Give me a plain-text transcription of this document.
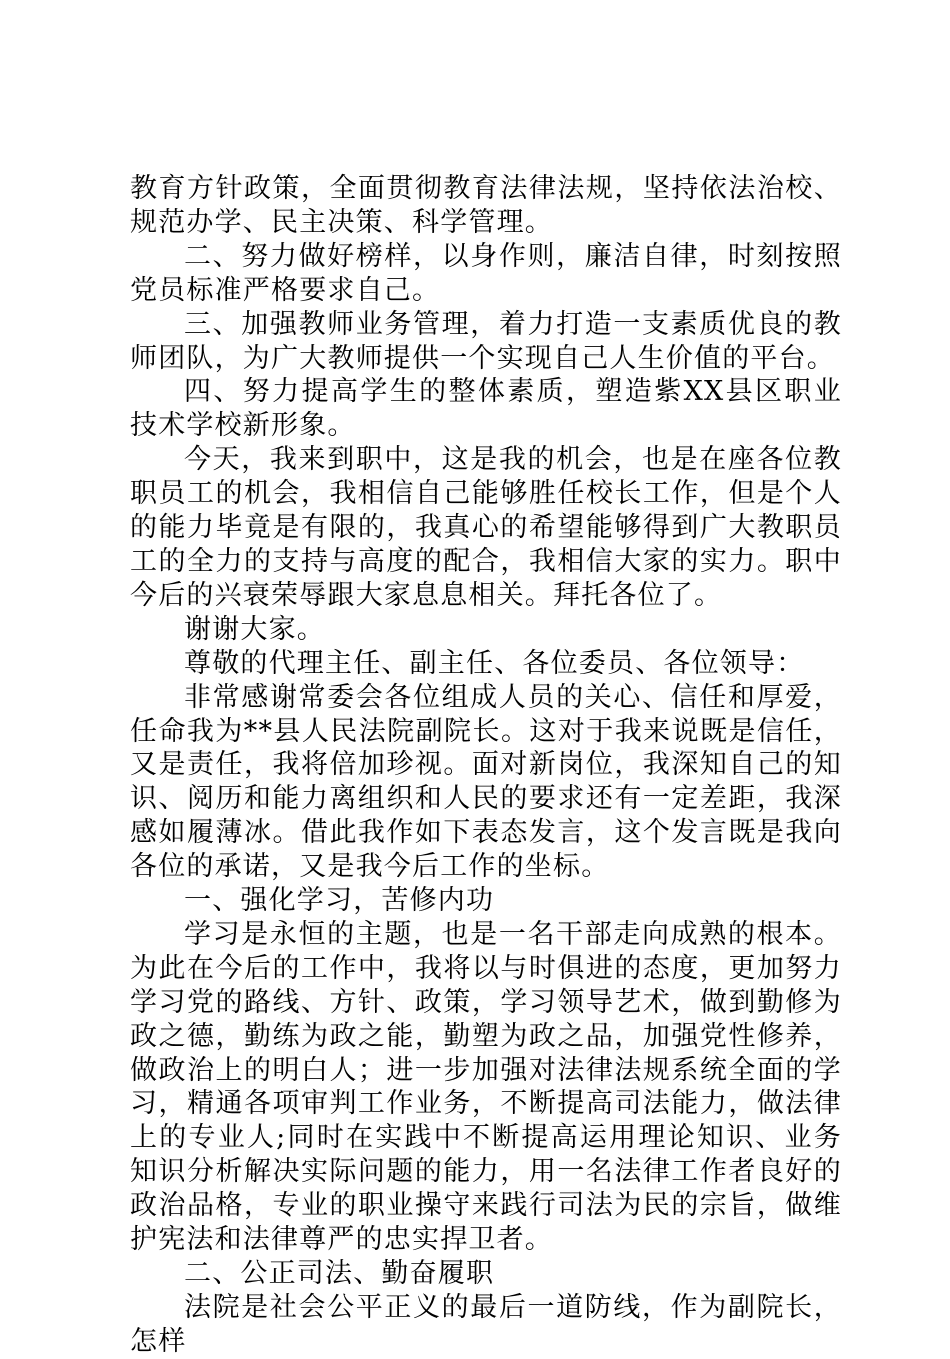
教育方针政策，全面贯彻教育法律法规，坚持依法治校、规范办学、民主决策、科学管理。

二、努力做好榜样，以身作则，廉洁自律，时刻按照党员标准严格要求自己。

三、加强教师业务管理，着力打造一支素质优良的教师团队，为广大教师提供一个实现自己人生价值的平台。

四、努力提高学生的整体素质，塑造紫XX县区职业技术学校新形象。

今天，我来到职中，这是我的机会，也是在座各位教职员工的机会，我相信自己能够胜任校长工作，但是个人的能力毕竟是有限的，我真心的希望能够得到广大教职员工的全力的支持与高度的配合，我相信大家的实力。职中今后的兴衰荣辱跟大家息息相关。拜托各位了。

谢谢大家。

尊敬的代理主任、副主任、各位委员、各位领导：

非常感谢常委会各位组成人员的关心、信任和厚爱，任命我为**县人民法院副院长。这对于我来说既是信任，又是责任，我将倍加珍视。面对新岗位，我深知自己的知识、阅历和能力离组织和人民的要求还有一定差距，我深感如履薄冰。借此我作如下表态发言，这个发言既是我向各位的承诺，又是我今后工作的坐标。

一、强化学习，苦修内功

学习是永恒的主题，也是一名干部走向成熟的根本。为此在今后的工作中，我将以与时俱进的态度，更加努力学习党的路线、方针、政策，学习领导艺术，做到勤修为政之德，勤练为政之能，勤塑为政之品，加强党性修养，做政治上的明白人；进一步加强对法律法规系统全面的学习，精通各项审判工作业务，不断提高司法能力，做法律上的专业人;同时在实践中不断提高运用理论知识、业务知识分析解决实际问题的能力，用一名法律工作者良好的政治品格，专业的职业操守来践行司法为民的宗旨，做维护宪法和法律尊严的忠实捍卫者。

二、公正司法、勤奋履职

法院是社会公平正义的最后一道防线，作为副院长，怎样
